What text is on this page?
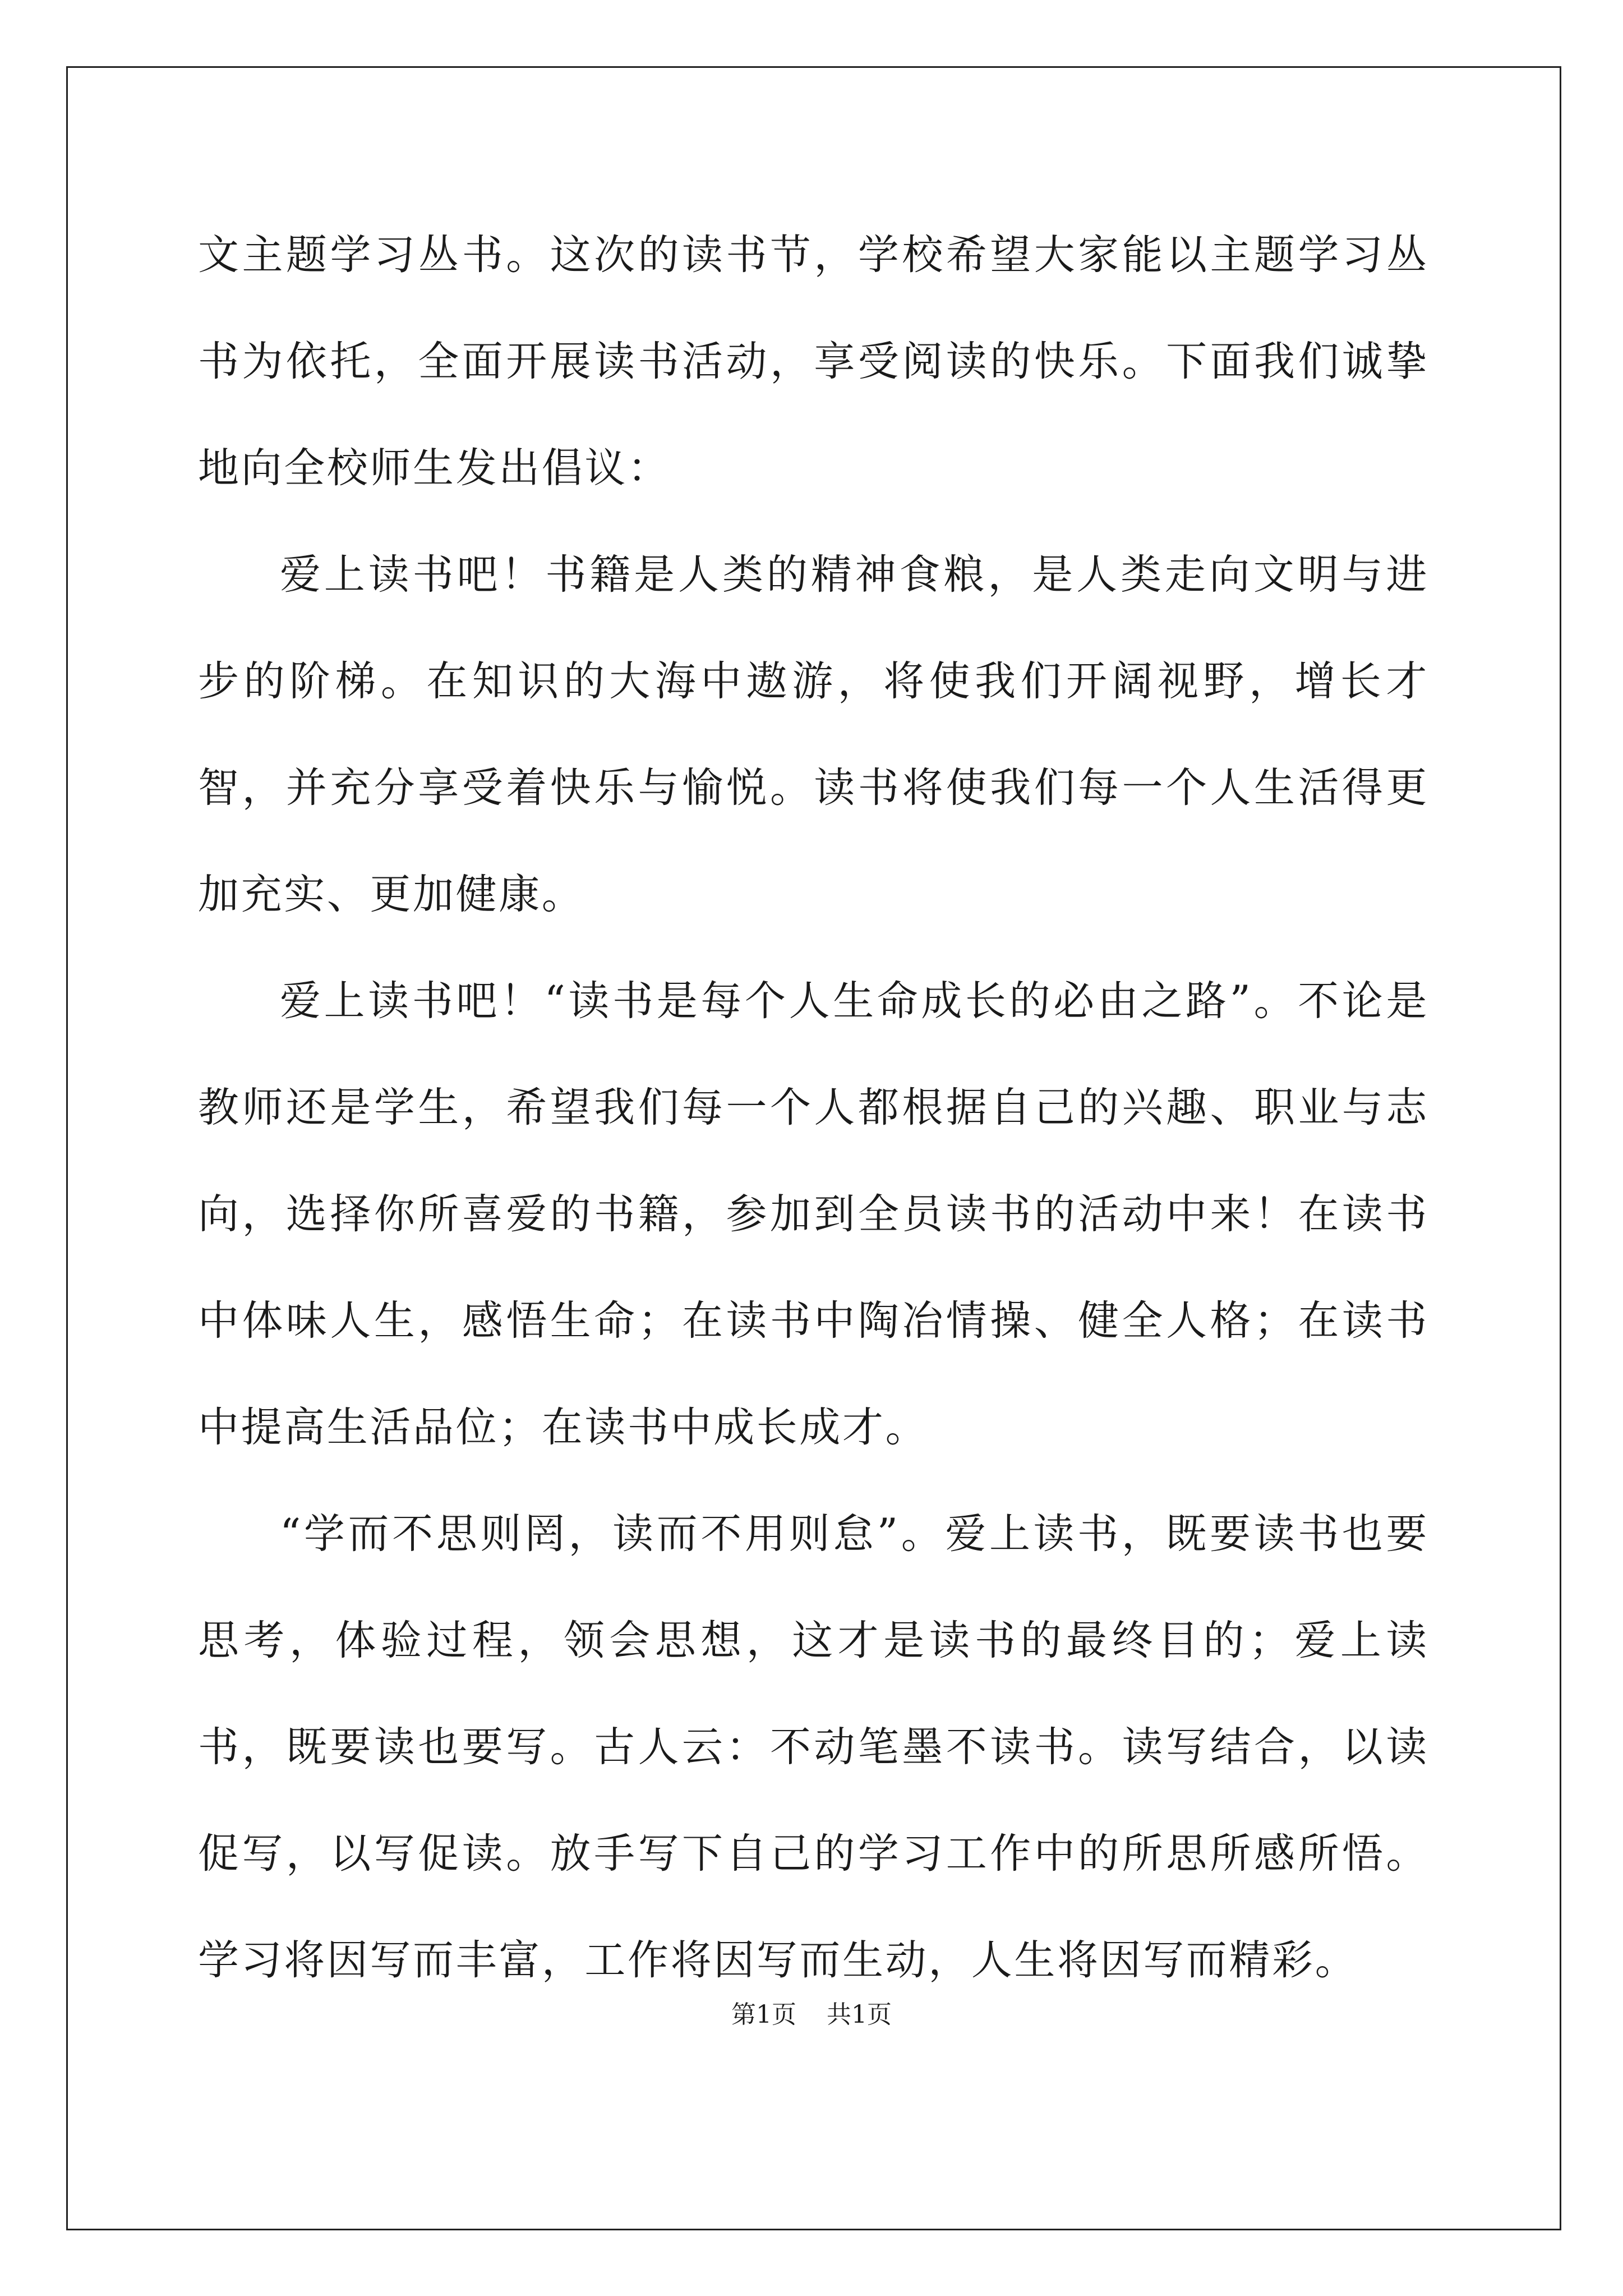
文主题学习丛书。这次的读书节，学校希望大家能以主题学习丛书为依托，全面开展读书活动，享受阅读的快乐。下面我们诚挚地向全校师生发出倡议：

爱上读书吧！书籍是人类的精神食粮，是人类走向文明与进步的阶梯。在知识的大海中遨游，将使我们开阔视野，增长才智，并充分享受着快乐与愉悦。读书将使我们每一个人生活得更加充实、更加健康。

爱上读书吧！“读书是每个人生命成长的必由之路”。不论是教师还是学生，希望我们每一个人都根据自己的兴趣、职业与志向，选择你所喜爱的书籍，参加到全员读书的活动中来！在读书中体味人生，感悟生命；在读书中陶冶情操、健全人格；在读书中提高生活品位；在读书中成长成才。

“学而不思则罔，读而不用则怠”。爱上读书，既要读书也要思考，体验过程，领会思想，这才是读书的最终目的；爱上读书，既要读也要写。古人云：不动笔墨不读书。读写结合，以读促写，以写促读。放手写下自己的学习工作中的所思所感所悟。学习将因写而丰富，工作将因写而生动，人生将因写而精彩。

第1页 共1页
